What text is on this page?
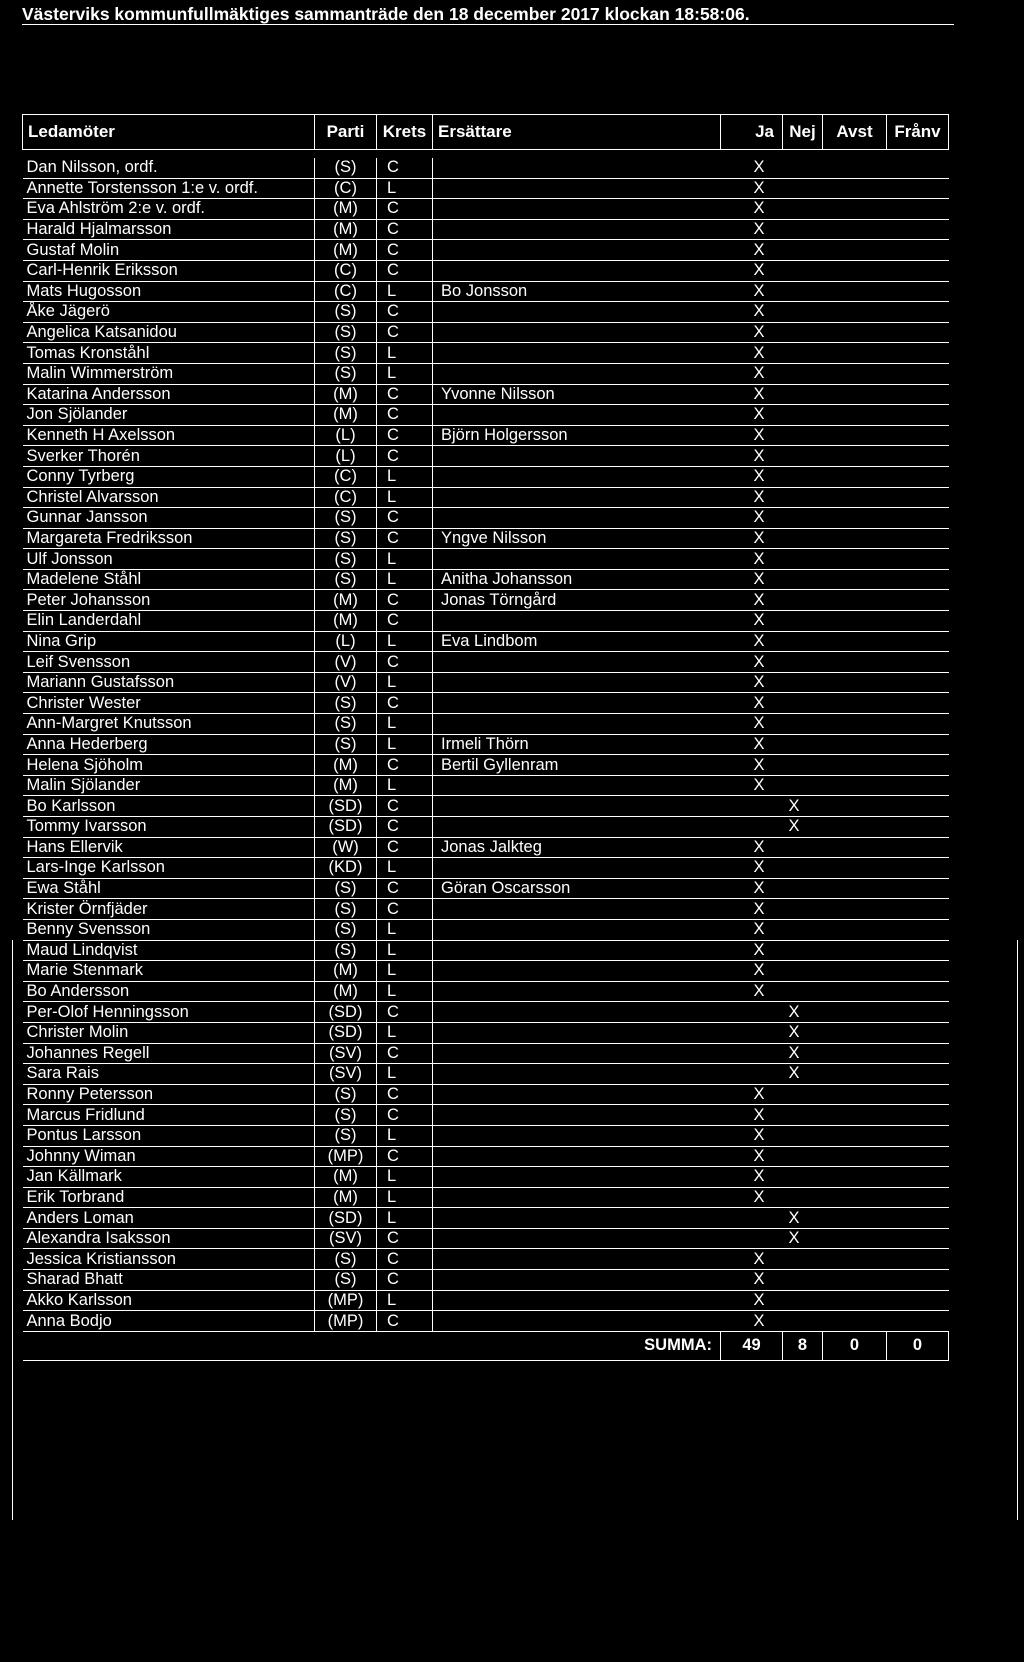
Västerviks kommunfullmäktiges sammanträde den 18 december 2017 klockan 18:58:06.
Ledamöter	Parti	Krets	Ersättare	Ja	Nej	Avst	Frånv

Dan Nilsson, ordf.	(S)	C		X			
Annette Torstensson 1:e v. ordf.	(C)	L		X			
Eva Ahlström 2:e v. ordf.	(M)	C		X			
Harald Hjalmarsson	(M)	C		X			
Gustaf Molin	(M)	C		X			
Carl-Henrik Eriksson	(C)	C		X			
Mats Hugosson	(C)	L	Bo Jonsson	X			
Åke Jägerö	(S)	C		X			
Angelica Katsanidou	(S)	C		X			
Tomas Kronståhl	(S)	L		X			
Malin Wimmerström	(S)	L		X			
Katarina Andersson	(M)	C	Yvonne Nilsson	X			
Jon Sjölander	(M)	C		X			
Kenneth H Axelsson	(L)	C	Björn Holgersson	X			
Sverker Thorén	(L)	C		X			
Conny Tyrberg	(C)	L		X			
Christel Alvarsson	(C)	L		X			
Gunnar Jansson	(S)	C		X			
Margareta Fredriksson	(S)	C	Yngve Nilsson	X			
Ulf Jonsson	(S)	L		X			
Madelene Ståhl	(S)	L	Anitha Johansson	X			
Peter Johansson	(M)	C	Jonas Törngård	X			
Elin Landerdahl	(M)	C		X			
Nina Grip	(L)	L	Eva Lindbom	X			
Leif Svensson	(V)	C		X			
Mariann Gustafsson	(V)	L		X			
Christer Wester	(S)	C		X			
Ann-Margret Knutsson	(S)	L		X			
Anna Hederberg	(S)	L	Irmeli Thörn	X			
Helena Sjöholm	(M)	C	Bertil Gyllenram	X			
Malin Sjölander	(M)	L		X			
Bo Karlsson	(SD)	C			X		
Tommy Ivarsson	(SD)	C			X		
Hans Ellervik	(W)	C	Jonas Jalkteg	X			
Lars-Inge Karlsson	(KD)	L		X			
Ewa Ståhl	(S)	C	Göran Oscarsson	X			
Krister Örnfjäder	(S)	C		X			
Benny Svensson	(S)	L		X			
Maud Lindqvist	(S)	L		X			
Marie Stenmark	(M)	L		X			
Bo Andersson	(M)	L		X			
Per-Olof Henningsson	(SD)	C			X		
Christer Molin	(SD)	L			X		
Johannes Regell	(SV)	C			X		
Sara Rais	(SV)	L			X		
Ronny Petersson	(S)	C		X			
Marcus Fridlund	(S)	C		X			
Pontus Larsson	(S)	L		X			
Johnny Wiman	(MP)	C		X			
Jan Källmark	(M)	L		X			
Erik Torbrand	(M)	L		X			
Anders Loman	(SD)	L			X		
Alexandra Isaksson	(SV)	C			X		
Jessica Kristiansson	(S)	C		X			
Sharad Bhatt	(S)	C		X			
Akko Karlsson	(MP)	L		X			
Anna Bodjo	(MP)	C		X			
SUMMA:				49	8	0	0
